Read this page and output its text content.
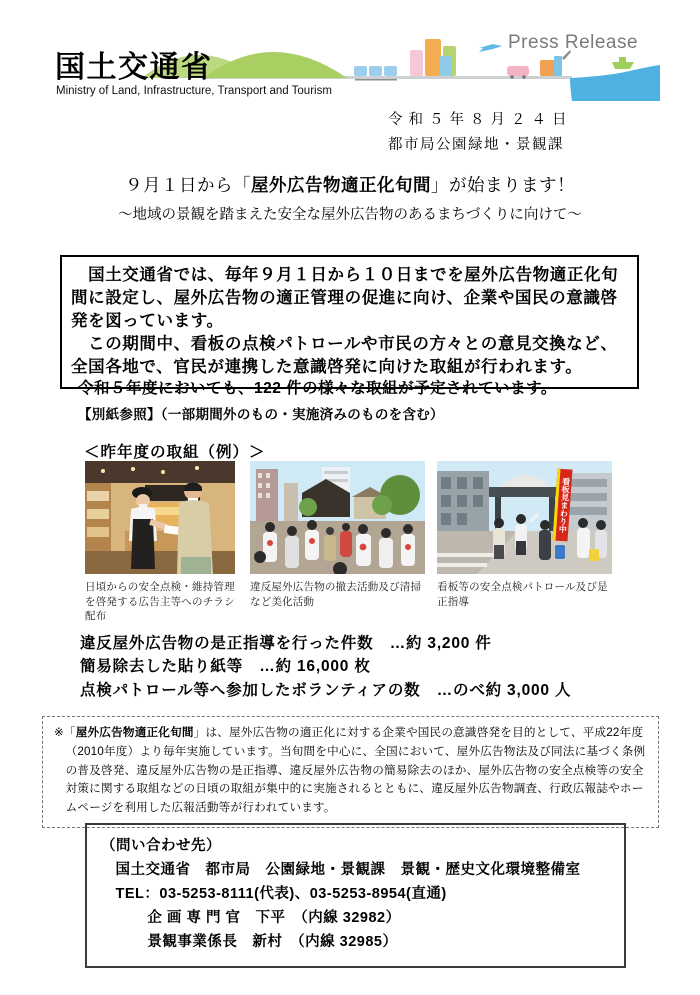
Press Release
国土交通省
Ministry of Land, Infrastructure, Transport and Tourism
令和５年８月２４日
都市局公園緑地・景観課
９月１日から「屋外広告物適正化旬間」が始まります！
～地域の景観を踏まえた安全な屋外広告物のあるまちづくりに向けて～

　国土交通省では、毎年９月１日から１０日までを屋外広告物適正化旬間に設定し、屋外広告物の適正管理の促進に向け、企業や国民の意識啓発を図っています。

　この期間中、看板の点検パトロールや市民の方々との意見交換など、全国各地で、官民が連携した意識啓発に向けた取組が行われます。

令和５年度においても、122 件の様々な取組が予定されています。
【別紙参照】（一部期間外のもの・実施済みのものを含む）
＜昨年度の取組（例）＞
看板見まわり中
日頃からの安全点検・維持管理を啓発する広告主等へのチラシ配布
違反屋外広告物の撤去活動及び清掃など美化活動
看板等の安全点検パトロール及び是正指導
違反屋外広告物の是正指導を行った件数　…約 3,200 件
簡易除去した貼り紙等　…約 16,000 枚
点検パトロール等へ参加したボランティアの数　…のべ約 3,000 人

※「屋外広告物適正化旬間」は、屋外広告物の適正化に対する企業や国民の意識啓発を目的として、平成22年度（2010年度）より毎年実施しています。当旬間を中心に、全国において、屋外広告物法及び同法に基づく条例の普及啓発、違反屋外広告物の是正指導、違反屋外広告物の簡易除去のほか、屋外広告物の安全点検等の安全対策に関する取組などの日頃の取組が集中的に実施されるとともに、違反屋外広告物調査、行政広報誌やホームページを利用した広報活動等が行われています。

（問い合わせ先）
国土交通省　都市局　公園緑地・景観課　景観・歴史文化環境整備室
TEL：03-5253-8111(代表)、03-5253-8954(直通)
企 画 専 門 官　下平　（内線 32982）
景観事業係長　新村　（内線 32985）
